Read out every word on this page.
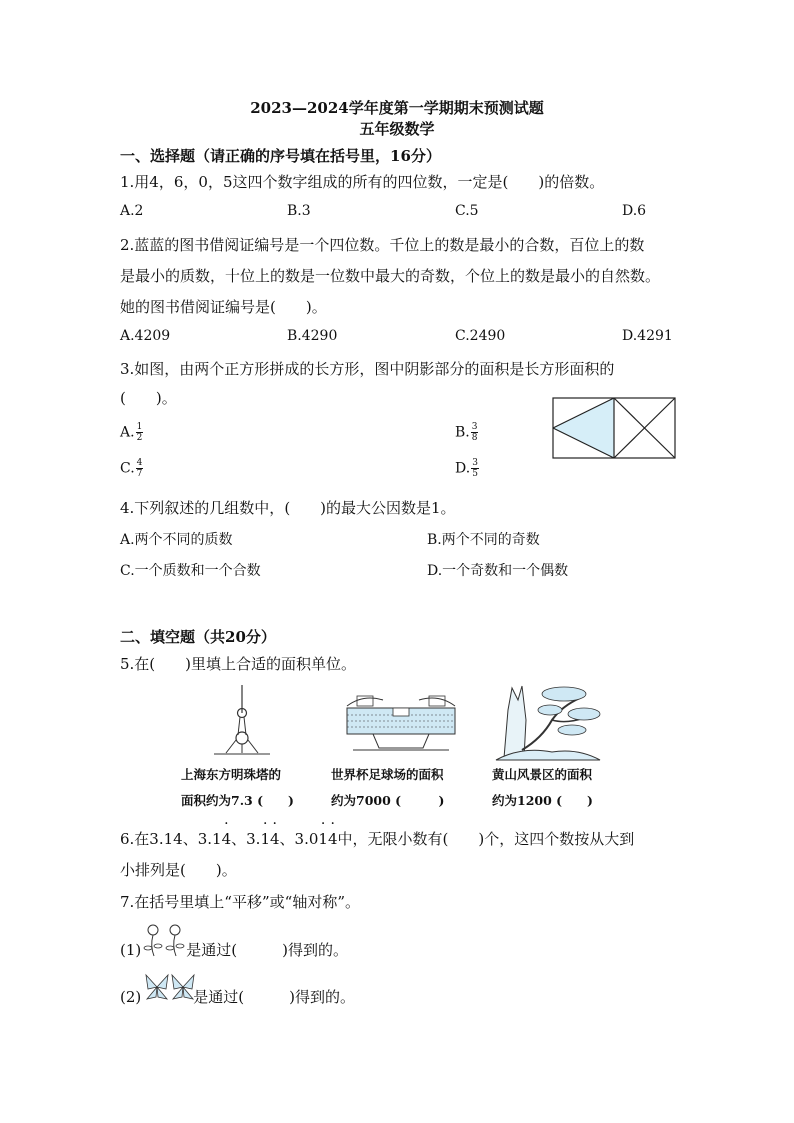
2023—2024学年度第一学期期末预测试题
五年级数学
一、选择题（请正确的序号填在括号里，16分）
1.用4，6，0，5这四个数字组成的所有的四位数，一定是(　　)的倍数。
A.2	B.3	C.5	D.6
2.蓝蓝的图书借阅证编号是一个四位数。千位上的数是最小的合数，百位上的数
是最小的质数，十位上的数是一位数中最大的奇数，个位上的数是最小的自然数。
她的图书借阅证编号是(　　)。
A.4209	B.4290	C.2490	D.4291
3.如图，由两个正方形拼成的长方形，图中阴影部分的面积是长方形面积的
(　　)。
A. $\frac{1}{2}$	B. $\frac{3}{8}$
C. $\frac{4}{7}$	D. $\frac{3}{5}$
4.下列叙述的几组数中，(　　)的最大公因数是1。
A.两个不同的质数	B.两个不同的奇数
C.一个质数和一个合数	D.一个奇数和一个偶数
二、填空题（共20分）
5.在(　　)里填上合适的面积单位。
上海东方明珠塔的
面积约为7.3 (　　)
世界杯足球场的面积
约为7000 (　　　)
黄山风景区的面积
约为1200 (　　)
6.在3.14、3.1· 4、3.· 1· 4、3.0· 1· 4中，无限小数有(　　)个，这四个数按从大到
小排列是(　　)。
7.在括号里填上“平移”或“轴对称”。
(1)	是通过(　　　)得到的。
(2)	是通过(　　　)得到的。
